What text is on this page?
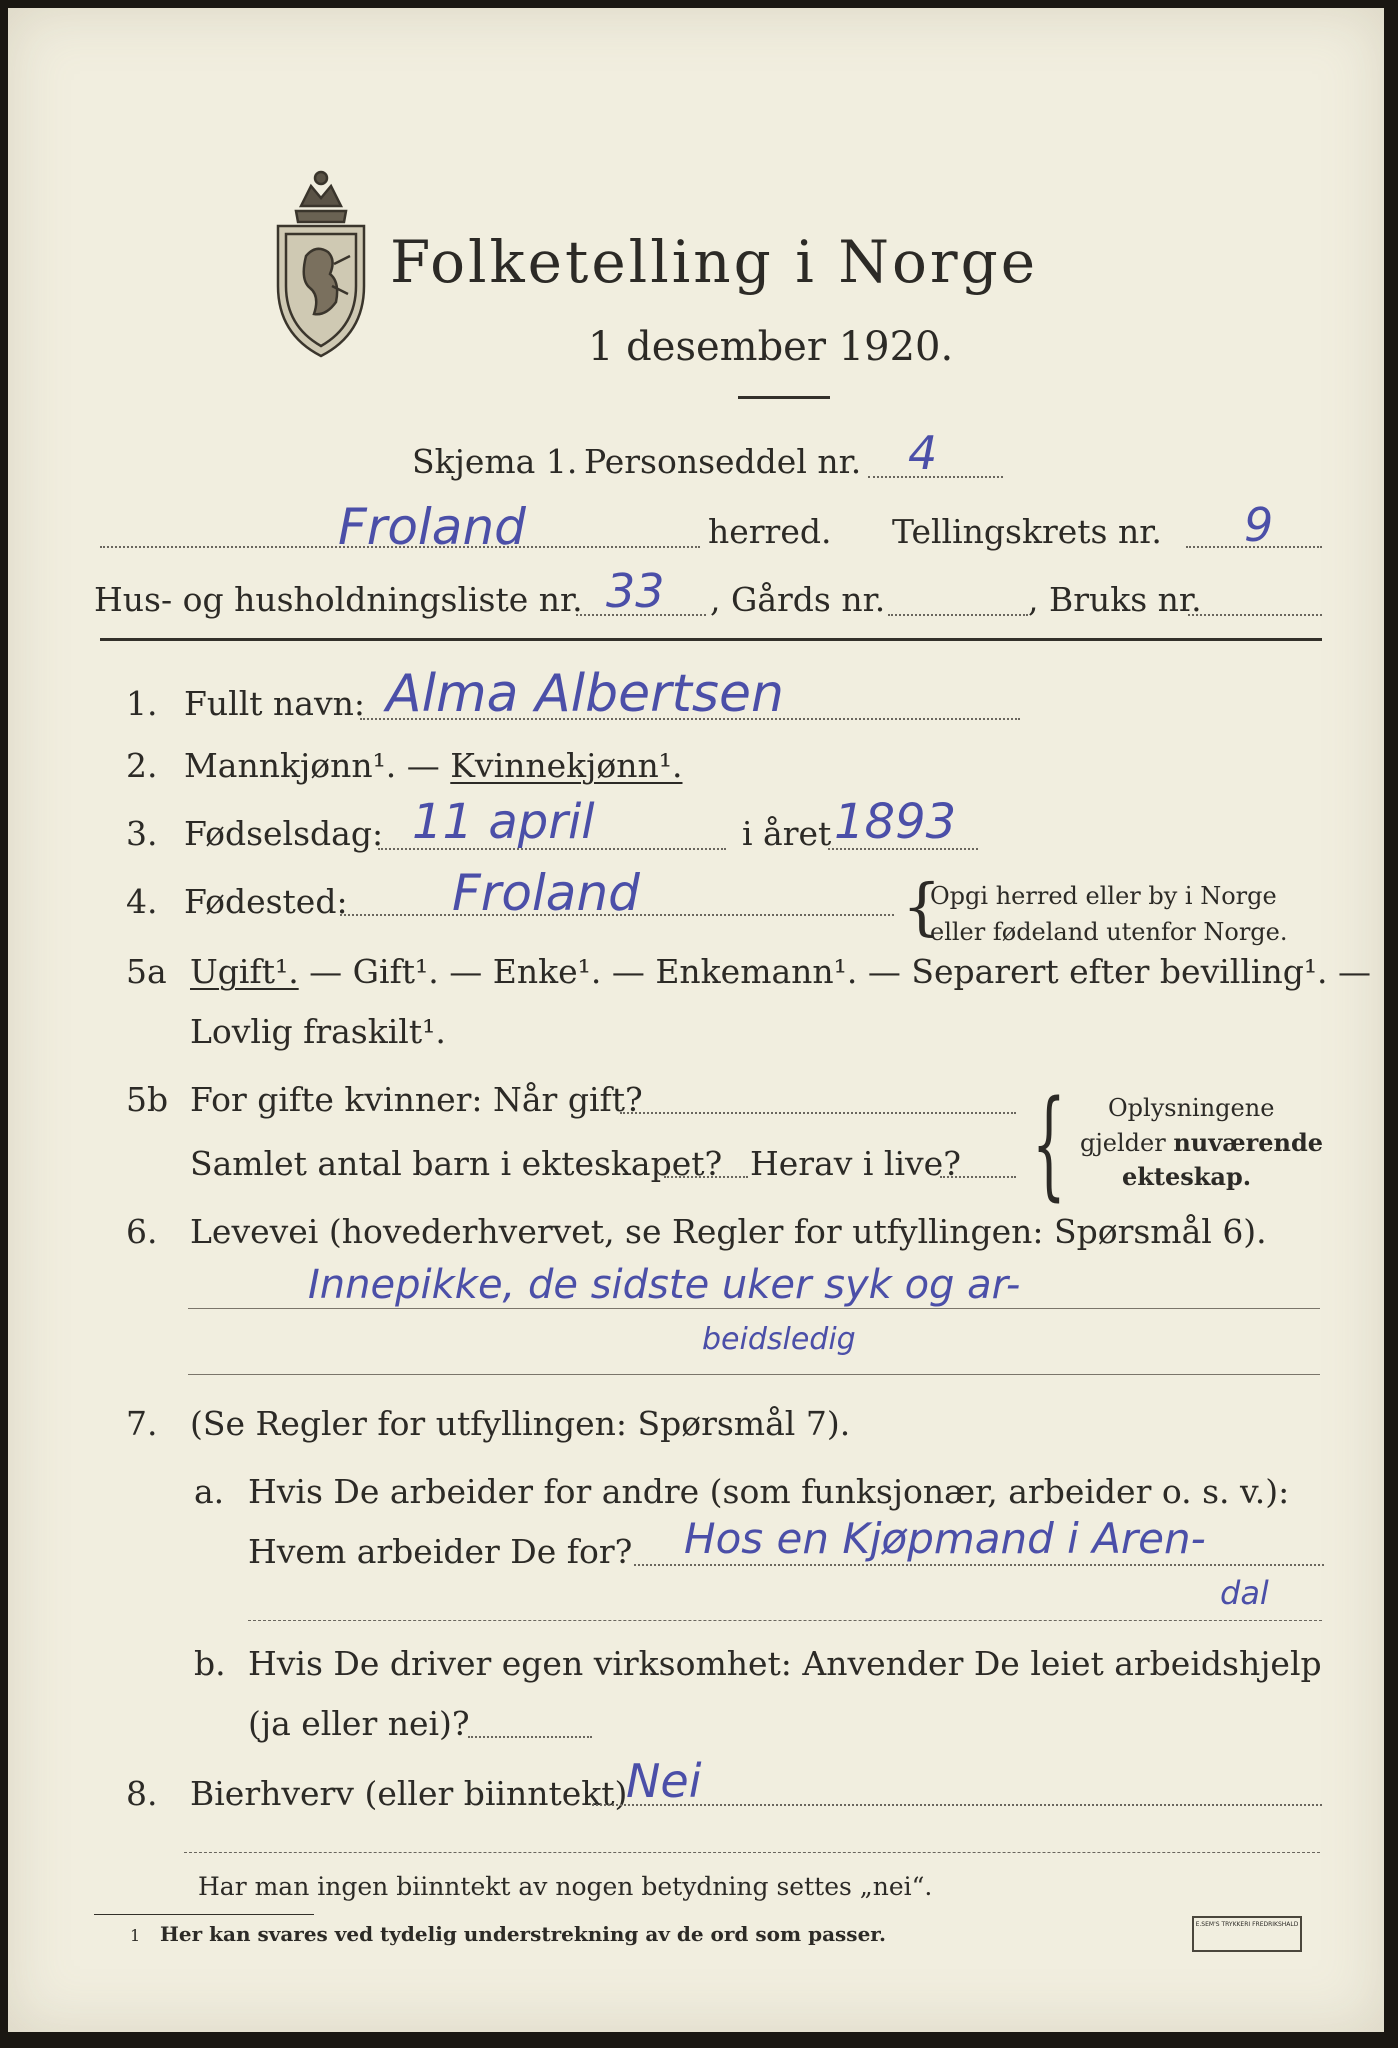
Folketelling i Norge
1 desember 1920.
Skjema 1. Personseddel nr. 4
Froland	herred. Tellingskrets nr. 9
Hus- og husholdningsliste nr. 33 , Gårds nr.	, Bruks nr.
1. Fullt navn: Alma Albertsen
2. Mannkjønn¹. — Kvinnekjønn¹.
3. Fødselsdag: 11 april	i året 1893
4. Fødested: Froland	{
Opgi herred eller by i Norge
eller fødeland utenfor Norge.
5a Ugift¹. — Gift¹. — Enke¹. — Enkemann¹. — Separert efter bevilling¹. —
Lovlig fraskilt¹.
5b For gifte kvinner: Når gift?
Samlet antal barn i ekteskapet? Herav i live? { Oplysningene
gjelder nuværende
ekteskap.
6. Levevei (hovederhvervet, se Regler for utfyllingen: Spørsmål 6).
Innepikke, de sidste uker syk og ar-
beidsledig
7. (Se Regler for utfyllingen: Spørsmål 7).
a. Hvis De arbeider for andre (som funksjonær, arbeider o. s. v.):
Hvem arbeider De for? Hos en Kjøpmand i Aren-
dal
b. Hvis De driver egen virksomhet: Anvender De leiet arbeidshjelp
(ja eller nei)?
8. Bierhverv (eller biinntekt)
Nei
Har man ingen biinntekt av nogen betydning settes „nei“.
1 Her kan svares ved tydelig understrekning av de ord som passer.	E.SEM'S TRYKKERI FREDRIKSHALD
